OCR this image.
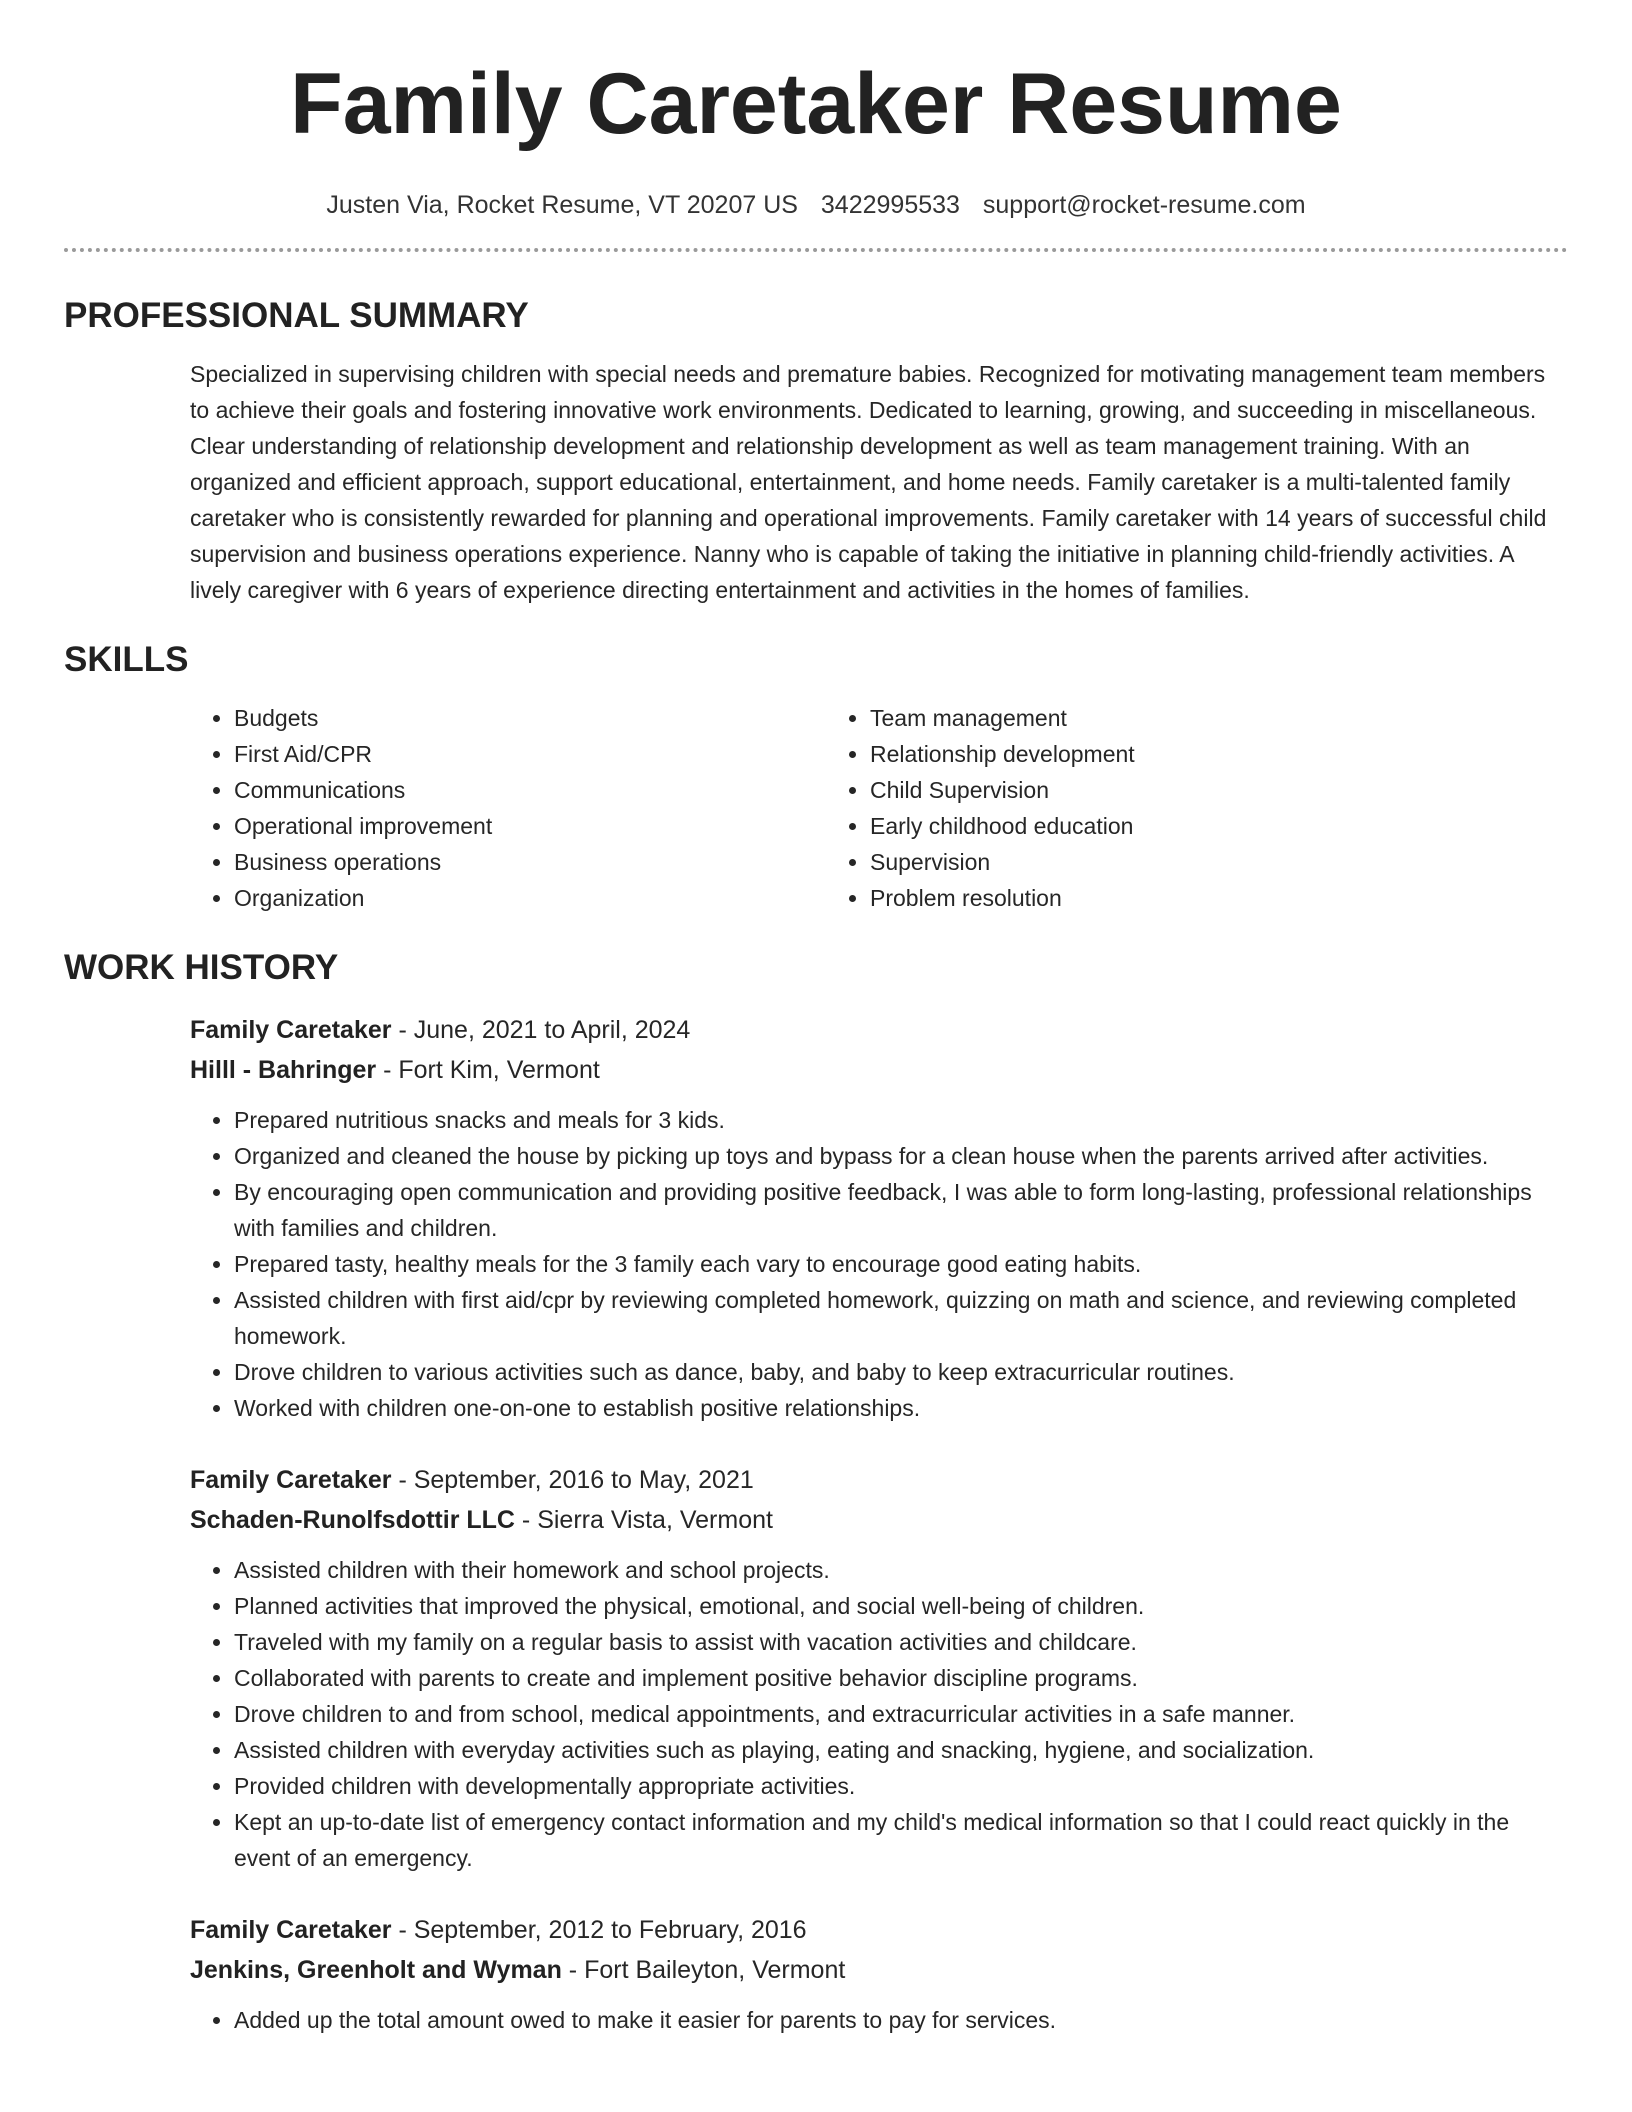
Family Caretaker Resume
Justen Via, Rocket Resume, VT 20207 US 3422995533 support@rocket-resume.com
PROFESSIONAL SUMMARY

Specialized in supervising children with special needs and premature babies. Recognized for motivating management team members to achieve their goals and fostering innovative work environments. Dedicated to learning, growing, and succeeding in miscellaneous. Clear understanding of relationship development and relationship development as well as team management training. With an organized and efficient approach, support educational, entertainment, and home needs. Family caretaker is a multi-talented family caretaker who is consistently rewarded for planning and operational improvements. Family caretaker with 14 years of successful child supervision and business operations experience. Nanny who is capable of taking the initiative in planning child-friendly activities. A lively caregiver with 6 years of experience directing entertainment and activities in the homes of families.

SKILLS
• Budgets
• First Aid/CPR
• Communications
• Operational improvement
• Business operations
• Organization
• Team management
• Relationship development
• Child Supervision
• Early childhood education
• Supervision
• Problem resolution
WORK HISTORY
Family Caretaker - June, 2021 to April, 2024
Hilll - Bahringer - Fort Kim, Vermont
• Prepared nutritious snacks and meals for 3 kids.
• Organized and cleaned the house by picking up toys and bypass for a clean house when the parents arrived after activities.
• By encouraging open communication and providing positive feedback, I was able to form long-lasting, professional relationships with families and children.
• Prepared tasty, healthy meals for the 3 family each vary to encourage good eating habits.
• Assisted children with first aid/cpr by reviewing completed homework, quizzing on math and science, and reviewing completed homework.
• Drove children to various activities such as dance, baby, and baby to keep extracurricular routines.
• Worked with children one-on-one to establish positive relationships.
Family Caretaker - September, 2016 to May, 2021
Schaden-Runolfsdottir LLC - Sierra Vista, Vermont
• Assisted children with their homework and school projects.
• Planned activities that improved the physical, emotional, and social well-being of children.
• Traveled with my family on a regular basis to assist with vacation activities and childcare.
• Collaborated with parents to create and implement positive behavior discipline programs.
• Drove children to and from school, medical appointments, and extracurricular activities in a safe manner.
• Assisted children with everyday activities such as playing, eating and snacking, hygiene, and socialization.
• Provided children with developmentally appropriate activities.
• Kept an up-to-date list of emergency contact information and my child's medical information so that I could react quickly in the event of an emergency.
Family Caretaker - September, 2012 to February, 2016
Jenkins, Greenholt and Wyman - Fort Baileyton, Vermont
• Added up the total amount owed to make it easier for parents to pay for services.
